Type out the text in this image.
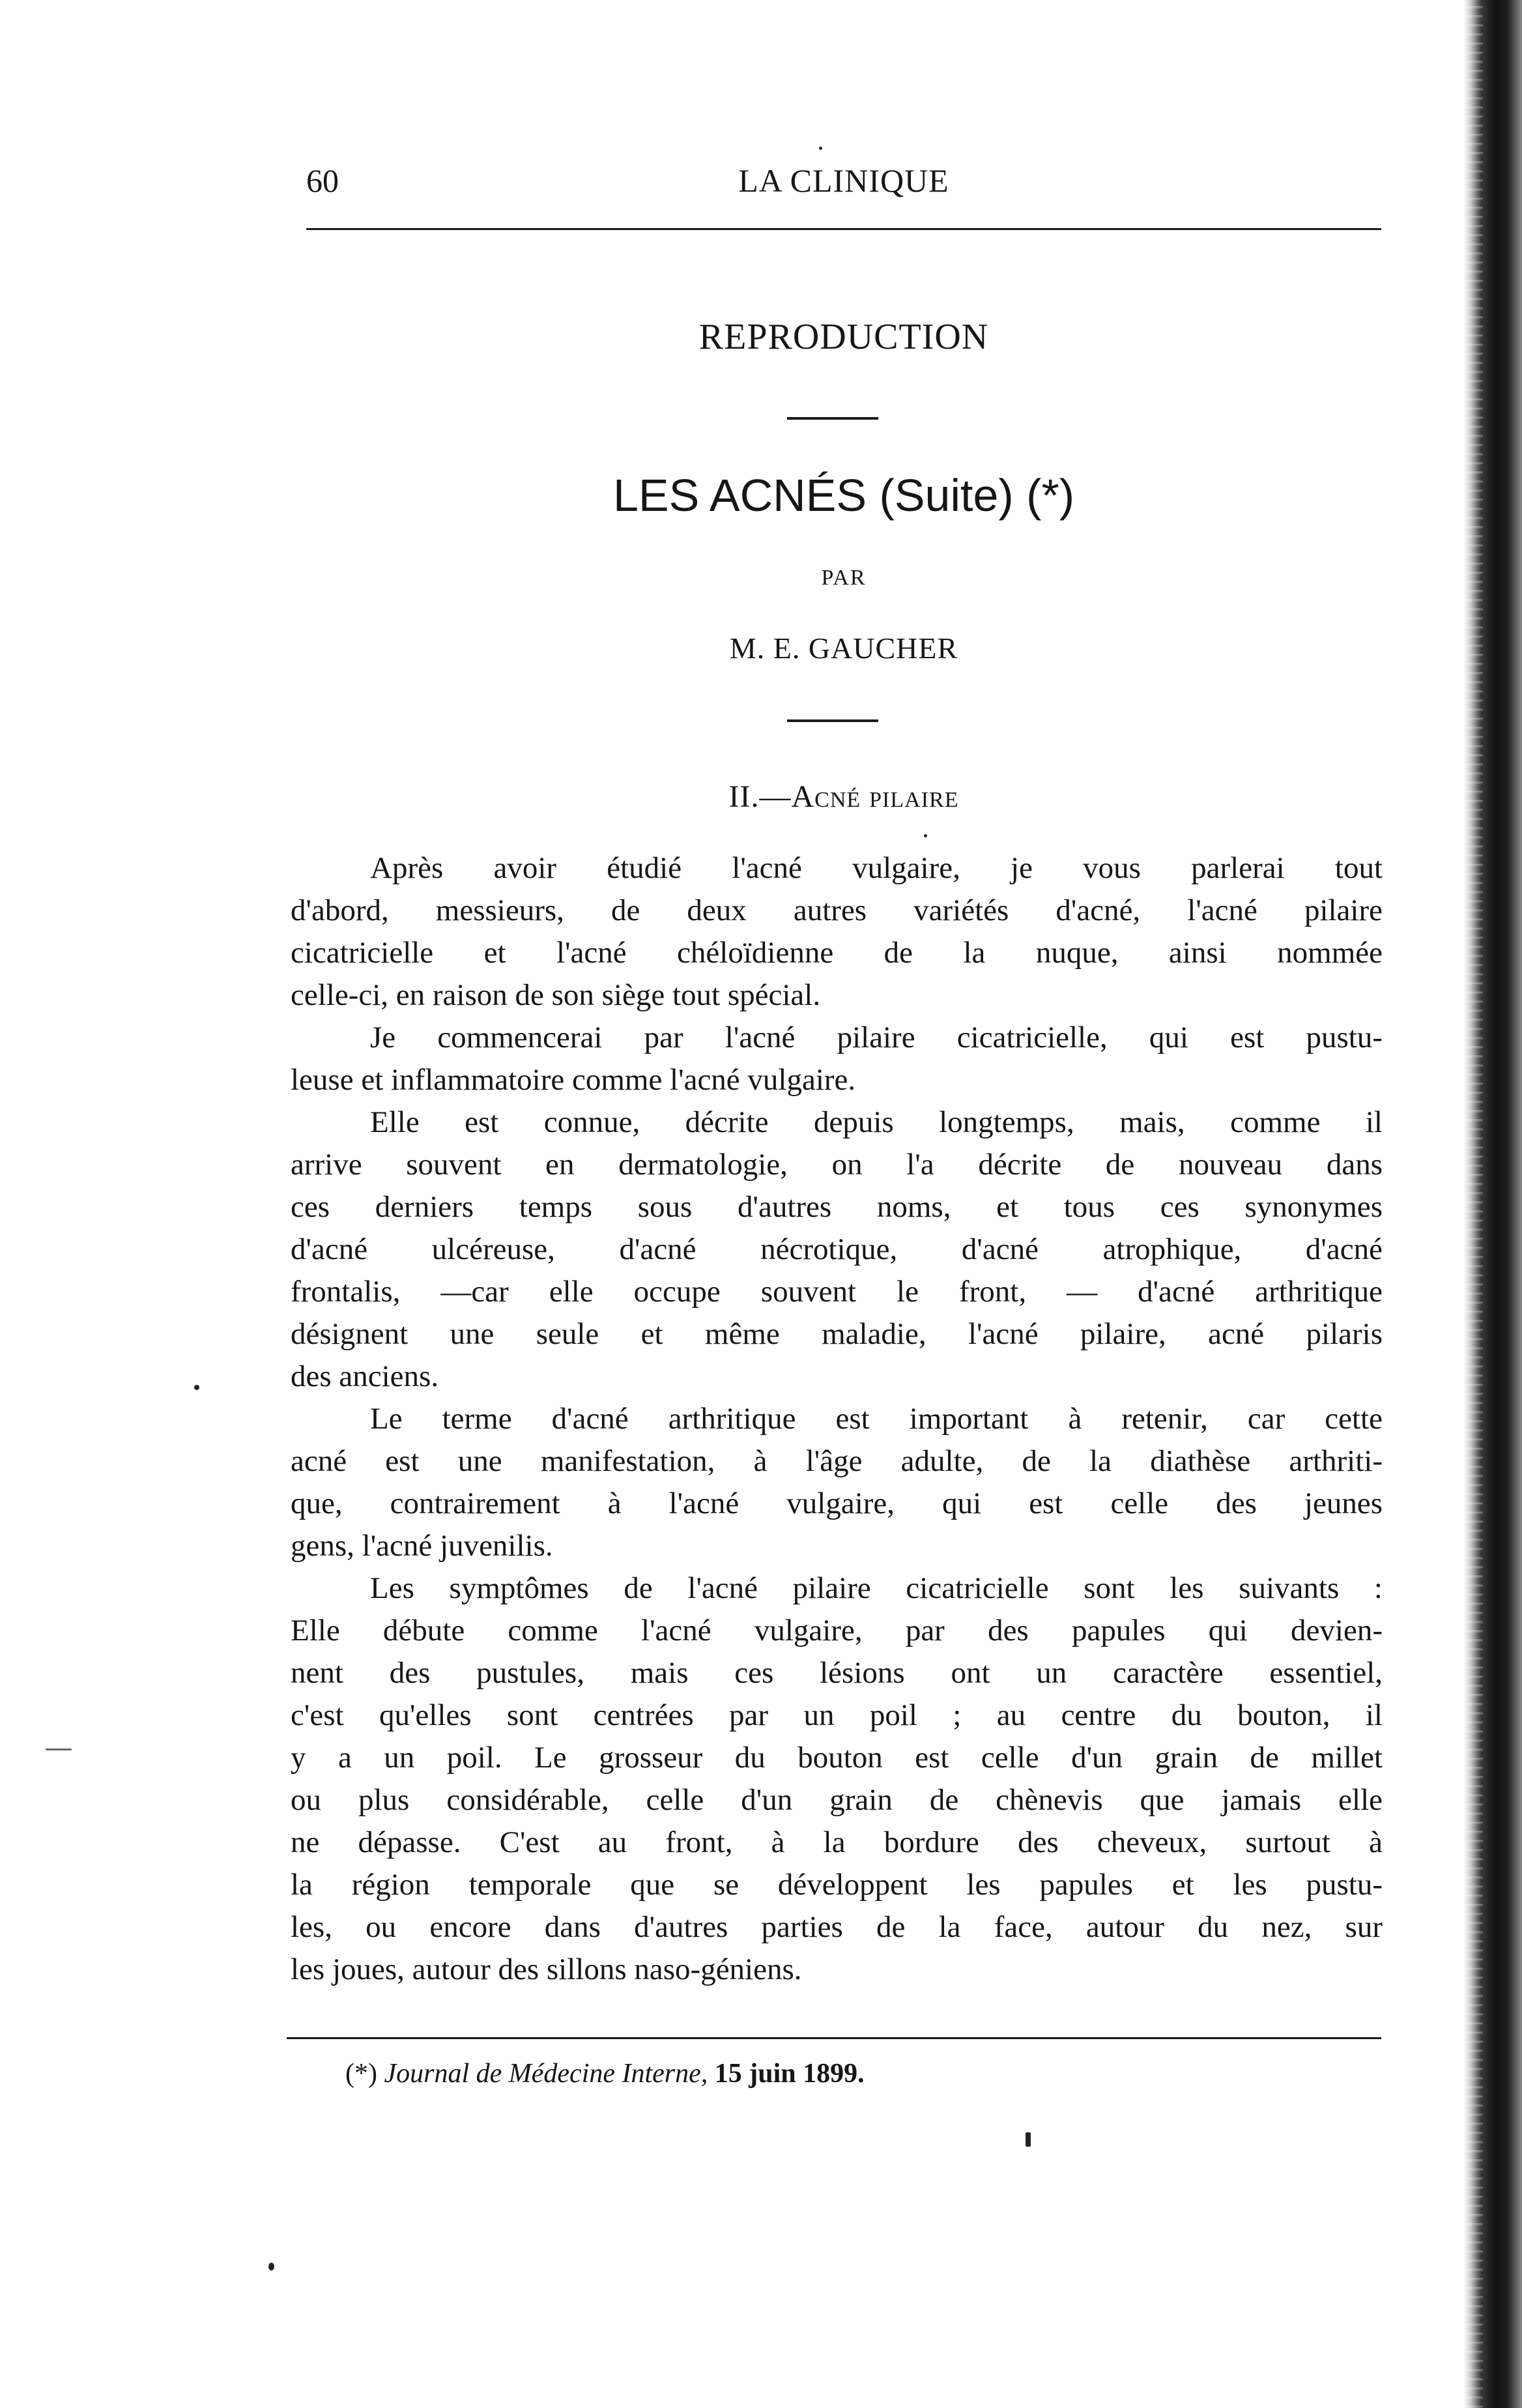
60	LA CLINIQUE
REPRODUCTION
LES ACNÉS (Suite) (*)
PAR
M. E. GAUCHER
II.—Acné pilaire
Après avoir étudié l'acné vulgaire, je vous parlerai tout
d'abord, messieurs, de deux autres variétés d'acné, l'acné pilaire
cicatricielle et l'acné chéloïdienne de la nuque, ainsi nommée
celle-ci, en raison de son siège tout spécial.
Je commencerai par l'acné pilaire cicatricielle, qui est pustu-
leuse et inflammatoire comme l'acné vulgaire.
Elle est connue, décrite depuis longtemps, mais, comme il
arrive souvent en dermatologie, on l'a décrite de nouveau dans
ces derniers temps sous d'autres noms, et tous ces synonymes
d'acné ulcéreuse, d'acné nécrotique, d'acné atrophique, d'acné
frontalis, —car elle occupe souvent le front, — d'acné arthritique
désignent une seule et même maladie, l'acné pilaire, acné pilaris
des anciens.
Le terme d'acné arthritique est important à retenir, car cette
acné est une manifestation, à l'âge adulte, de la diathèse arthriti-
que, contrairement à l'acné vulgaire, qui est celle des jeunes
gens, l'acné juvenilis.
Les symptômes de l'acné pilaire cicatricielle sont les suivants :
Elle débute comme l'acné vulgaire, par des papules qui devien-
nent des pustules, mais ces lésions ont un caractère essentiel,
c'est qu'elles sont centrées par un poil ; au centre du bouton, il
y a un poil. Le grosseur du bouton est celle d'un grain de millet
ou plus considérable, celle d'un grain de chènevis que jamais elle
ne dépasse. C'est au front, à la bordure des cheveux, surtout à
la région temporale que se développent les papules et les pustu-
les, ou encore dans d'autres parties de la face, autour du nez, sur
les joues, autour des sillons naso-géniens.
(*) Journal de Médecine Interne, 15 juin 1899.
